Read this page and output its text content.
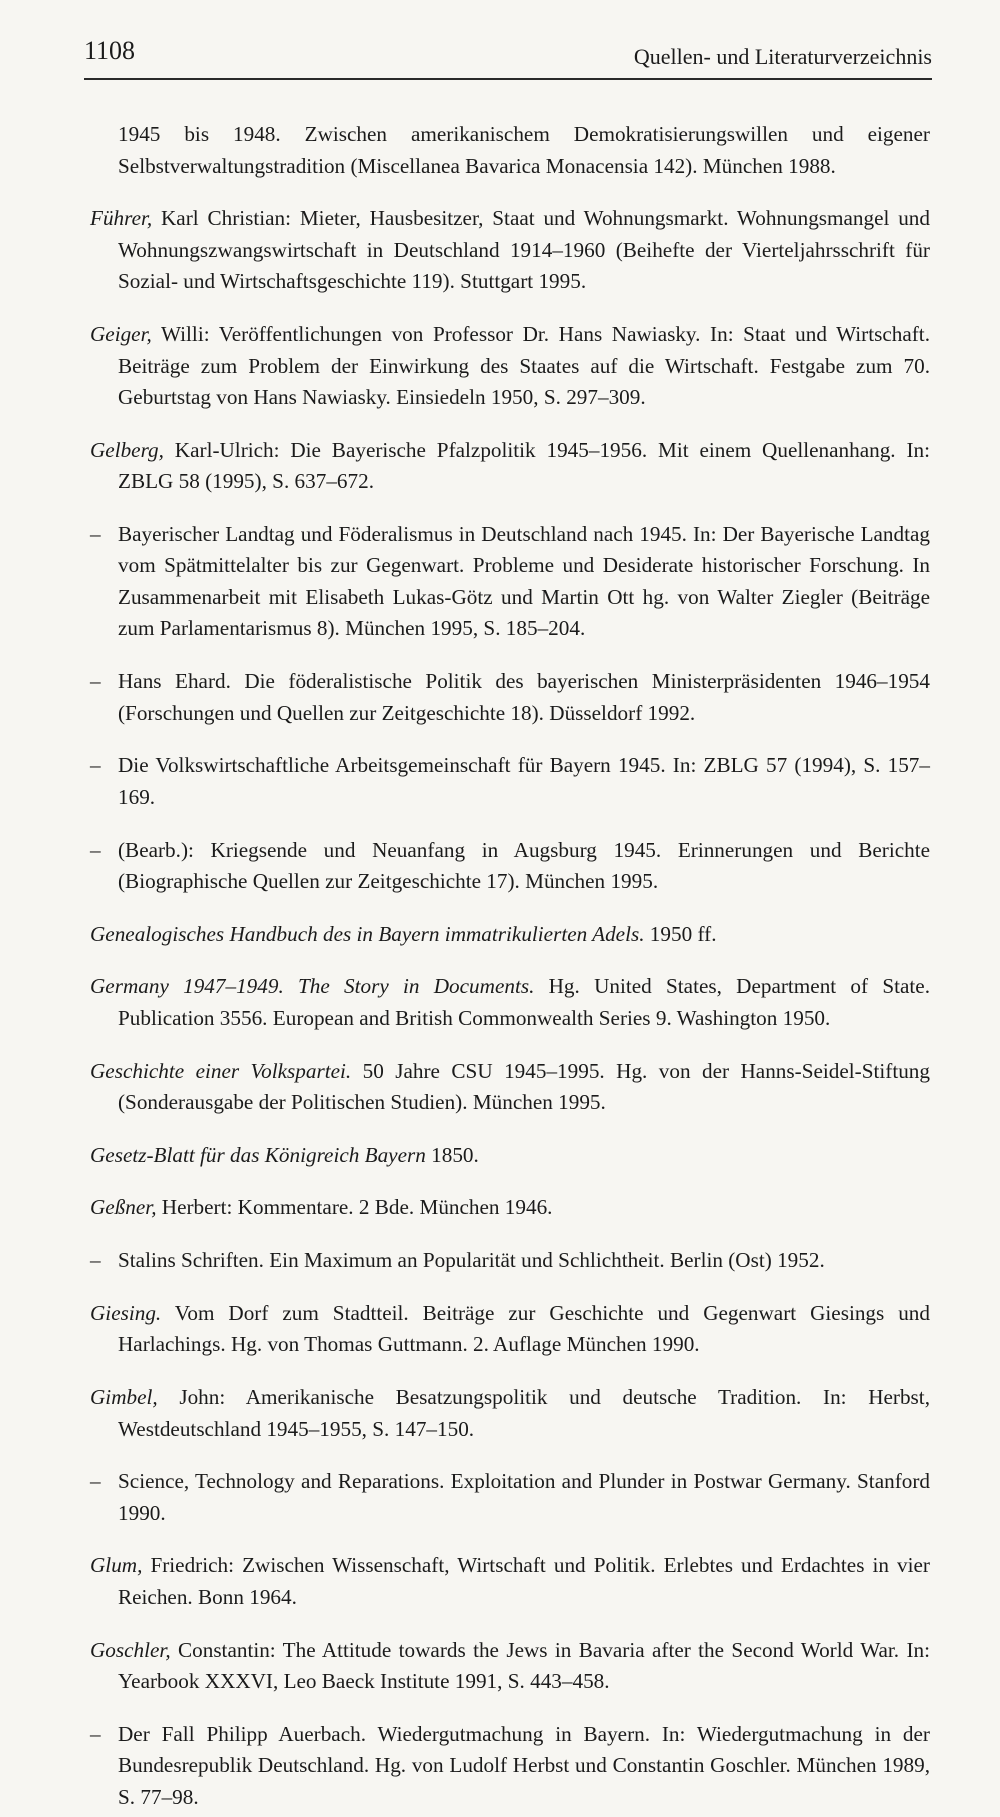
1108	Quellen- und Literaturverzeichnis

1945 bis 1948. Zwischen amerikanischem Demokratisierungswillen und eigener Selbstverwaltungstradition (Miscellanea Bavarica Monacensia 142). München 1988.

Führer, Karl Christian: Mieter, Hausbesitzer, Staat und Wohnungsmarkt. Wohnungsmangel und Wohnungszwangswirtschaft in Deutschland 1914–1960 (Beihefte der Vierteljahrsschrift für Sozial- und Wirtschaftsgeschichte 119). Stuttgart 1995.

Geiger, Willi: Veröffentlichungen von Professor Dr. Hans Nawiasky. In: Staat und Wirtschaft. Beiträge zum Problem der Einwirkung des Staates auf die Wirtschaft. Festgabe zum 70. Geburtstag von Hans Nawiasky. Einsiedeln 1950, S. 297–309.

Gelberg, Karl-Ulrich: Die Bayerische Pfalzpolitik 1945–1956. Mit einem Quellenanhang. In: ZBLG 58 (1995), S. 637–672.

– Bayerischer Landtag und Föderalismus in Deutschland nach 1945. In: Der Bayerische Landtag vom Spätmittelalter bis zur Gegenwart. Probleme und Desiderate historischer Forschung. In Zusammenarbeit mit Elisabeth Lukas-Götz und Martin Ott hg. von Walter Ziegler (Beiträge zum Parlamentarismus 8). München 1995, S. 185–204.

– Hans Ehard. Die föderalistische Politik des bayerischen Ministerpräsidenten 1946–1954 (Forschungen und Quellen zur Zeitgeschichte 18). Düsseldorf 1992.

– Die Volkswirtschaftliche Arbeitsgemeinschaft für Bayern 1945. In: ZBLG 57 (1994), S. 157–169.

– (Bearb.): Kriegsende und Neuanfang in Augsburg 1945. Erinnerungen und Berichte (Biographische Quellen zur Zeitgeschichte 17). München 1995.

Genealogisches Handbuch des in Bayern immatrikulierten Adels. 1950 ff.

Germany 1947–1949. The Story in Documents. Hg. United States, Department of State. Publication 3556. European and British Commonwealth Series 9. Washington 1950.

Geschichte einer Volkspartei. 50 Jahre CSU 1945–1995. Hg. von der Hanns-Seidel-Stiftung (Sonderausgabe der Politischen Studien). München 1995.

Gesetz-Blatt für das Königreich Bayern 1850.

Geßner, Herbert: Kommentare. 2 Bde. München 1946.

– Stalins Schriften. Ein Maximum an Popularität und Schlichtheit. Berlin (Ost) 1952.

Giesing. Vom Dorf zum Stadtteil. Beiträge zur Geschichte und Gegenwart Giesings und Harlachings. Hg. von Thomas Guttmann. 2. Auflage München 1990.

Gimbel, John: Amerikanische Besatzungspolitik und deutsche Tradition. In: Herbst, Westdeutschland 1945–1955, S. 147–150.

– Science, Technology and Reparations. Exploitation and Plunder in Postwar Germany. Stanford 1990.

Glum, Friedrich: Zwischen Wissenschaft, Wirtschaft und Politik. Erlebtes und Erdachtes in vier Reichen. Bonn 1964.

Goschler, Constantin: The Attitude towards the Jews in Bavaria after the Second World War. In: Yearbook XXXVI, Leo Baeck Institute 1991, S. 443–458.

– Der Fall Philipp Auerbach. Wiedergutmachung in Bayern. In: Wiedergutmachung in der Bundesrepublik Deutschland. Hg. von Ludolf Herbst und Constantin Goschler. München 1989, S. 77–98.
